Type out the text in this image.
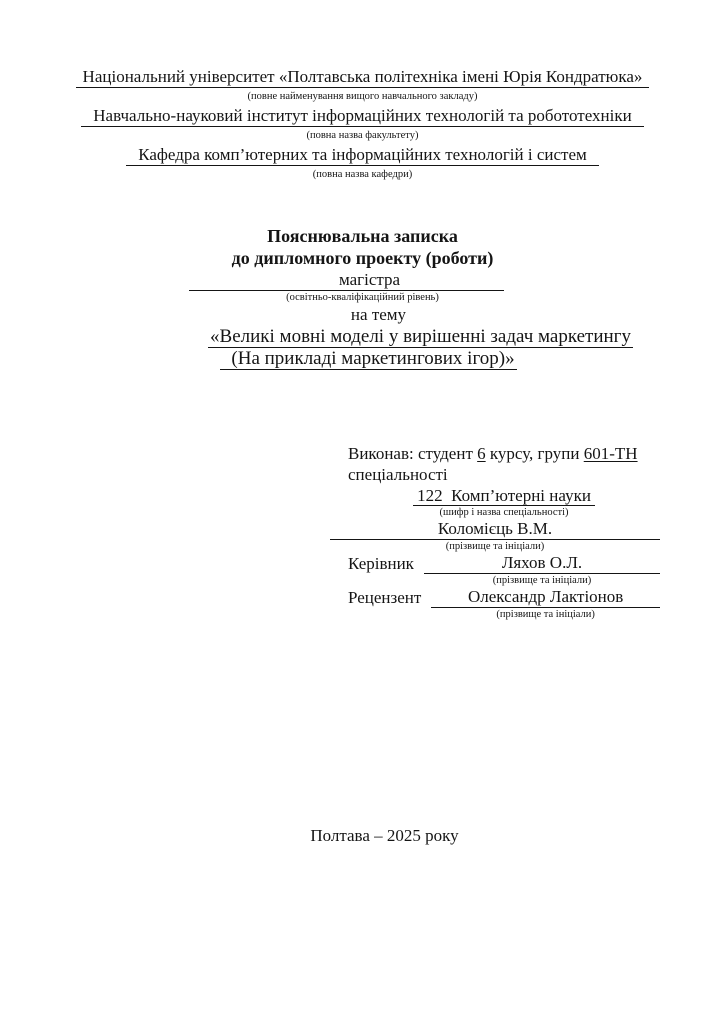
Національний університет «Полтавська політехніка імені Юрія Кондратюка»
(повне найменування вищого навчального закладу)
Навчально-науковий інститут інформаційних технологій та робототехніки
(повна назва факультету)
Кафедра комп’ютерних та інформаційних технологій і систем
(повна назва кафедри)
Пояснювальна записка
до дипломного проекту (роботи)
магістра
(освітньо-кваліфікаційний рівень)
на тему
«Великі мовні моделі у вирішенні задач маркетингу
(На прикладі маркетингових ігор)»
Виконав: студент 6 курсу, групи 601-ТН
спеціальності
122  Комп’ютерні науки
(шифр і назва спеціальності)
Коломієць В.М.
(прізвище та ініціали)
Керівник	Ляхов О.Л.
(прізвище та ініціали)
Рецензент	Олександр Лактіонов
(прізвище та ініціали)
Полтава – 2025 року
